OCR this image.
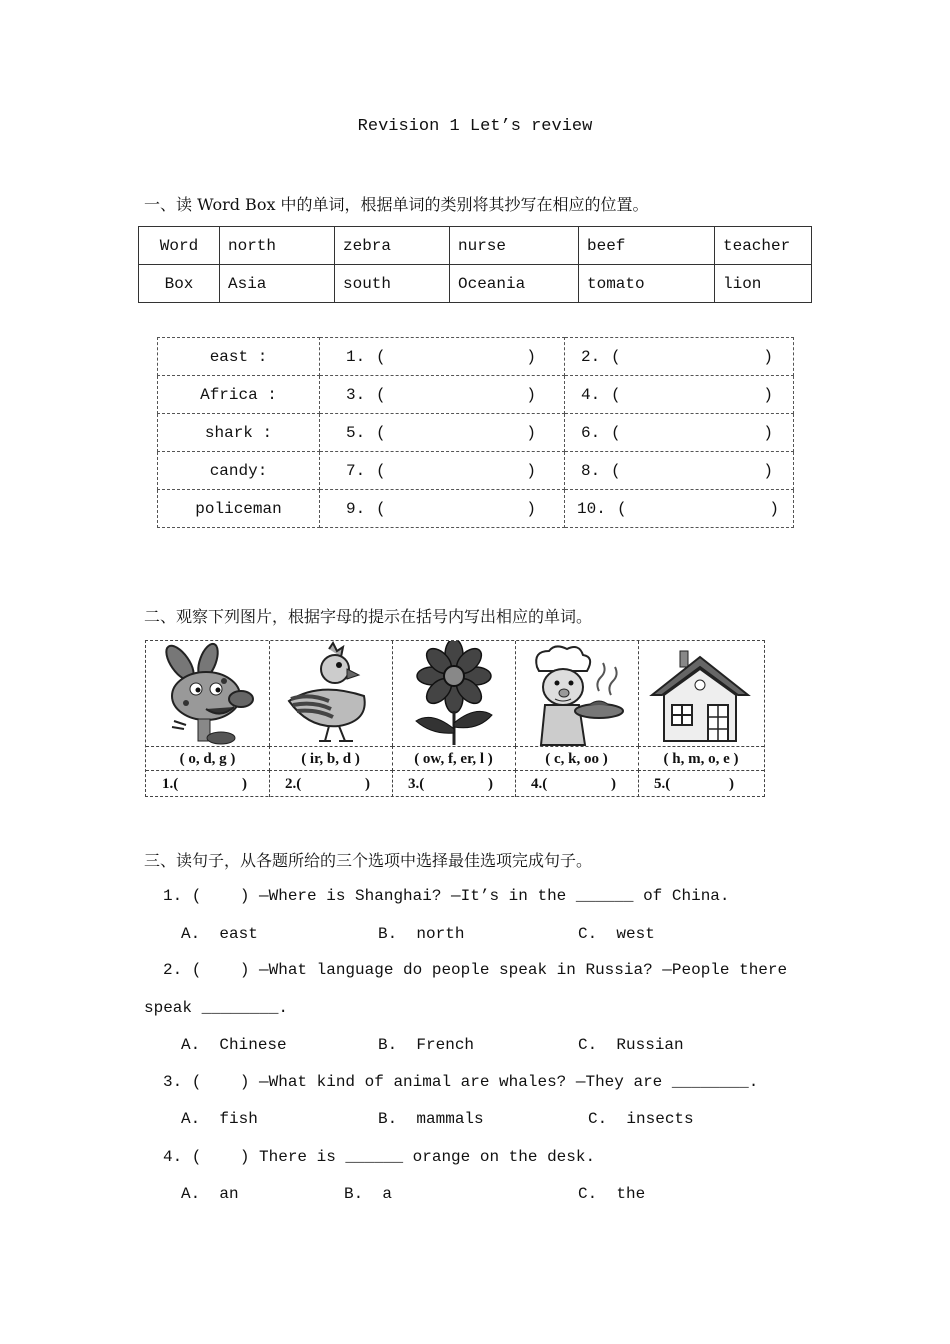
Revision 1 Let’s review
一、读 Word Box 中的单词，根据单词的类别将其抄写在相应的位置。
Word	north	zebra	nurse	beef	teacher
Box	Asia	south	Oceania	tomato	lion
east :	1. ( )	2. ( )

Africa :	3. ( )	4. ( )

shark :	5. ( )	6. ( )

candy:	7. ( )	8. ( )

policeman	9. ( )	10. ( )
二、观察下列图片，根据字母的提示在括号内写出相应的单词。
( o, d, g )	( ir, b, d )	( ow, f, er, l )	( c, k, oo )	( h, m, o, e )
1.(	)	2.(	)	3.(	)	4.(	)	5.(	)
三、读句子，从各题所给的三个选项中选择最佳选项完成句子。
1. (    ) —Where is Shanghai? —It’s in the ______ of China.
A.  east	B.  north	C.  west
2. (    ) —What language do people speak in Russia? —People there
speak ________.
A.  Chinese	B.  French	C.  Russian
3. (    ) —What kind of animal are whales? —They are ________.
A.  fish	B.  mammals	C.  insects
4. (    ) There is ______ orange on the desk.
A.  an	B.  a	C.  the
